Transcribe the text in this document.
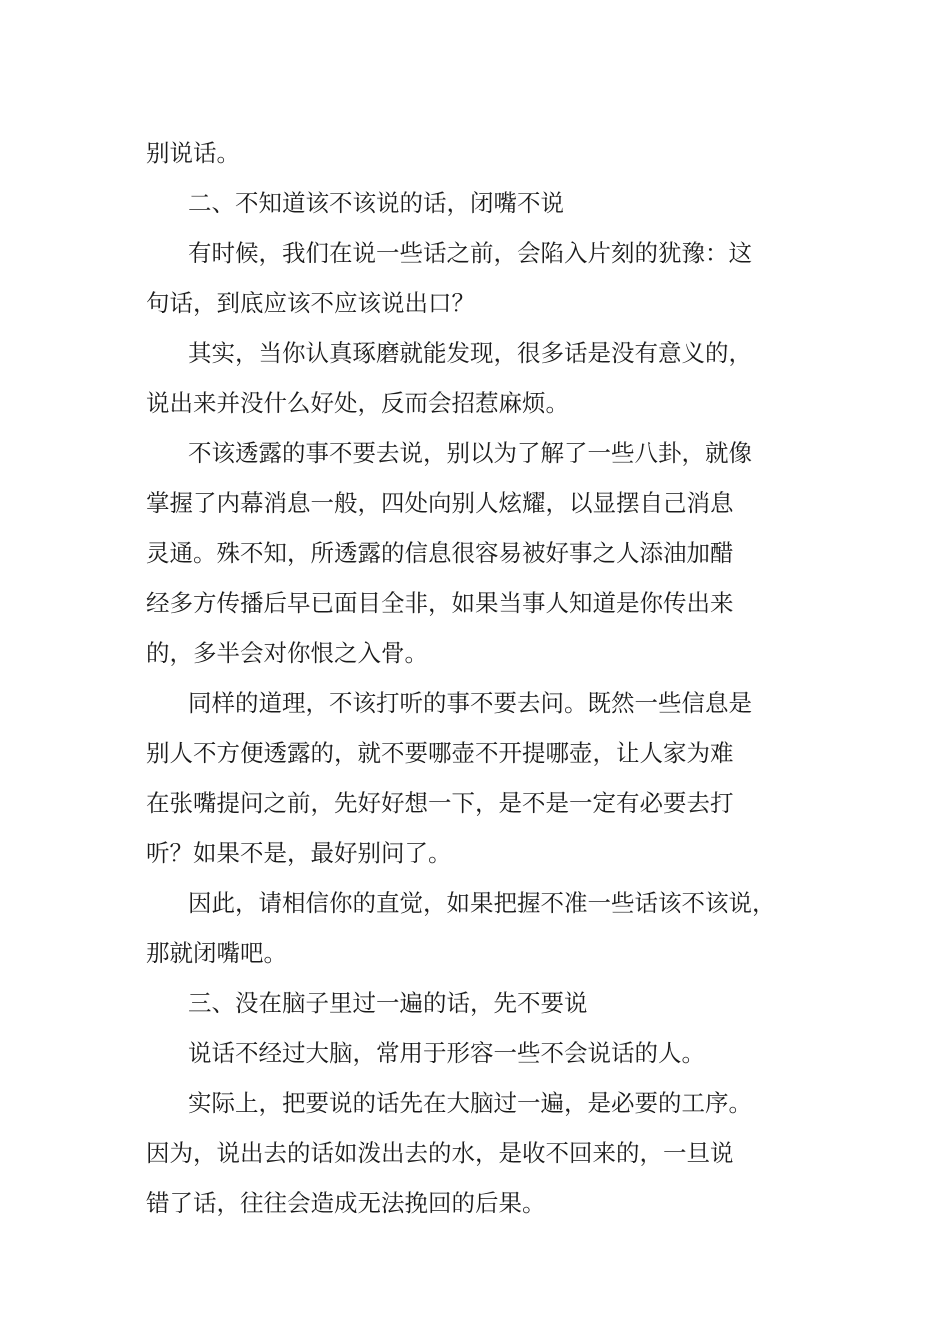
别说话。
二、不知道该不该说的话，闭嘴不说
有时候，我们在说一些话之前，会陷入片刻的犹豫：这
句话，到底应该不应该说出口？
其实，当你认真琢磨就能发现，很多话是没有意义的，
说出来并没什么好处，反而会招惹麻烦。
不该透露的事不要去说，别以为了解了一些八卦，就像
掌握了内幕消息一般，四处向别人炫耀，以显摆自己消息
灵通。殊不知，所透露的信息很容易被好事之人添油加醋
经多方传播后早已面目全非，如果当事人知道是你传出来
的，多半会对你恨之入骨。
同样的道理，不该打听的事不要去问。既然一些信息是
别人不方便透露的，就不要哪壶不开提哪壶，让人家为难
在张嘴提问之前，先好好想一下，是不是一定有必要去打
听？如果不是，最好别问了。
因此，请相信你的直觉，如果把握不准一些话该不该说，
那就闭嘴吧。
三、没在脑子里过一遍的话，先不要说
说话不经过大脑，常用于形容一些不会说话的人。
实际上，把要说的话先在大脑过一遍，是必要的工序。
因为，说出去的话如泼出去的水，是收不回来的，一旦说
错了话，往往会造成无法挽回的后果。
